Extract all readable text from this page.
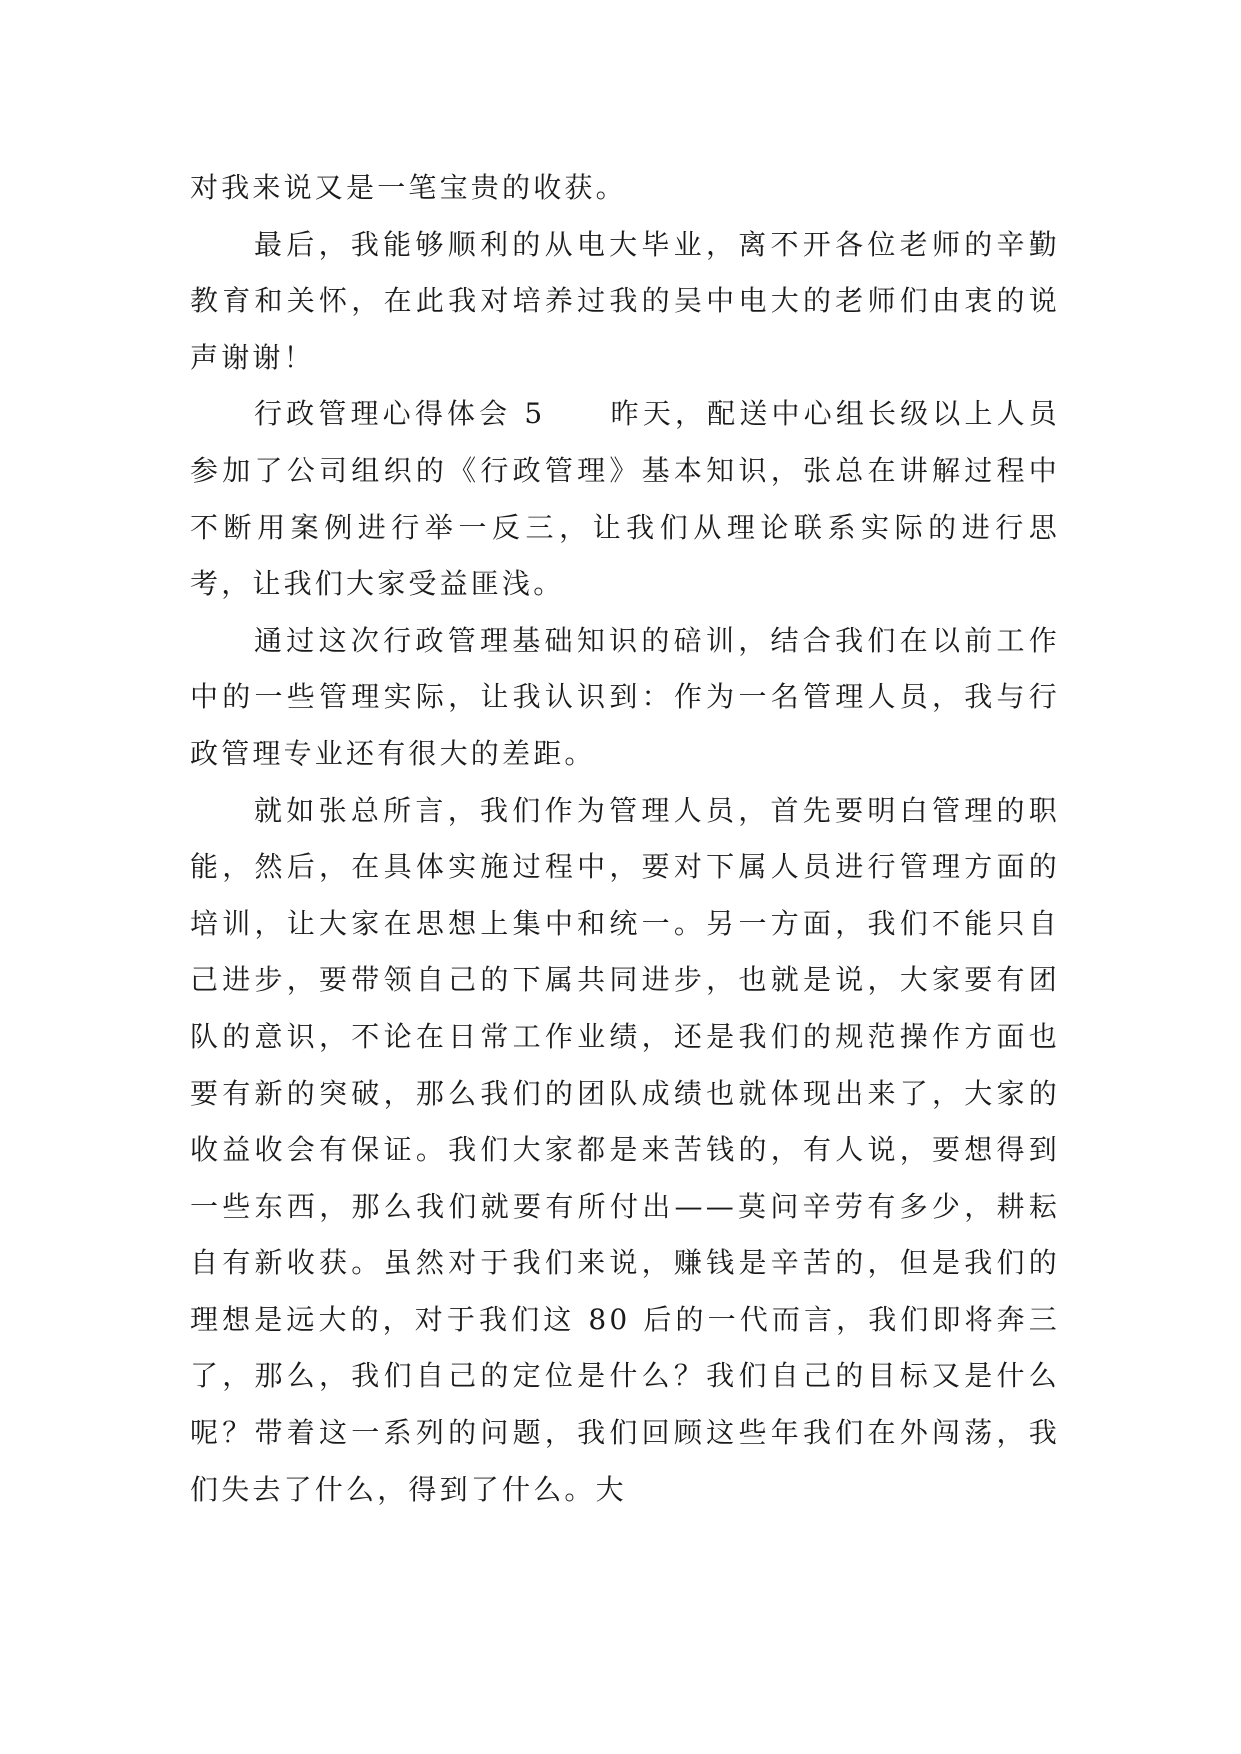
对我来说又是一笔宝贵的收获。

最后，我能够顺利的从电大毕业，离不开各位老师的辛勤教育和关怀，在此我对培养过我的吴中电大的老师们由衷的说声谢谢！

行政管理心得体会 5　　昨天，配送中心组长级以上人员参加了公司组织的《行政管理》基本知识，张总在讲解过程中不断用案例进行举一反三，让我们从理论联系实际的进行思考，让我们大家受益匪浅。

通过这次行政管理基础知识的碚训，结合我们在以前工作中的一些管理实际，让我认识到：作为一名管理人员，我与行政管理专业还有很大的差距。

就如张总所言，我们作为管理人员，首先要明白管理的职能，然后，在具体实施过程中，要对下属人员进行管理方面的培训，让大家在思想上集中和统一。另一方面，我们不能只自己进步，要带领自己的下属共同进步，也就是说，大家要有团队的意识，不论在日常工作业绩，还是我们的规范操作方面也要有新的突破，那么我们的团队成绩也就体现出来了，大家的收益收会有保证。我们大家都是来苦钱的，有人说，要想得到一些东西，那么我们就要有所付出——莫问辛劳有多少，耕耘自有新收获。虽然对于我们来说，赚钱是辛苦的，但是我们的理想是远大的，对于我们这 80 后的一代而言，我们即将奔三了，那么，我们自己的定位是什么？我们自己的目标又是什么呢？带着这一系列的问题，我们回顾这些年我们在外闯荡，我们失去了什么，得到了什么。大
